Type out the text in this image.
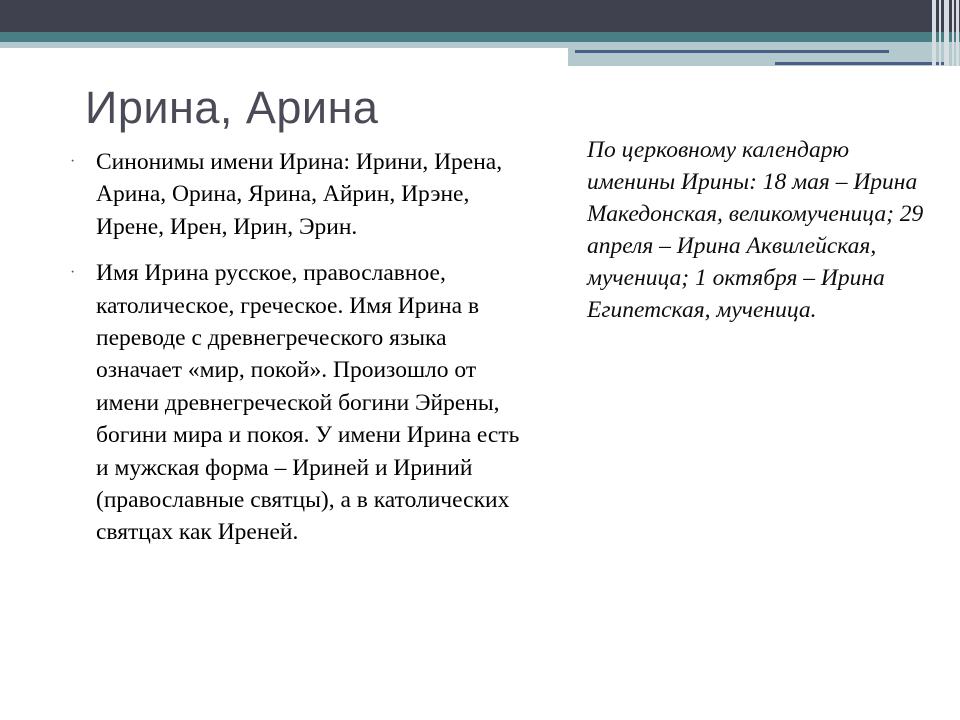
Ирина, Арина
· Синонимы имени Ирина: Ирини, Ирена, Арина, Орина, Ярина, Айрин, Ирэне, Ирене, Ирен, Ирин, Эрин.
· Имя Ирина русское, православное, католическое, греческое. Имя Ирина в переводе с древнегреческого языка означает «мир, покой». Произошло от имени древнегреческой богини Эйрены, богини мира и покоя. У имени Ирина есть и мужская форма – Ириней и Ириний (православные святцы), а в католических святцах как Иреней.

По церковному календарю именины Ирины: 18 мая – Ирина Македонская, великомученица; 29 апреля – Ирина Аквилейская, мученица; 1 октября – Ирина Египетская, мученица.
